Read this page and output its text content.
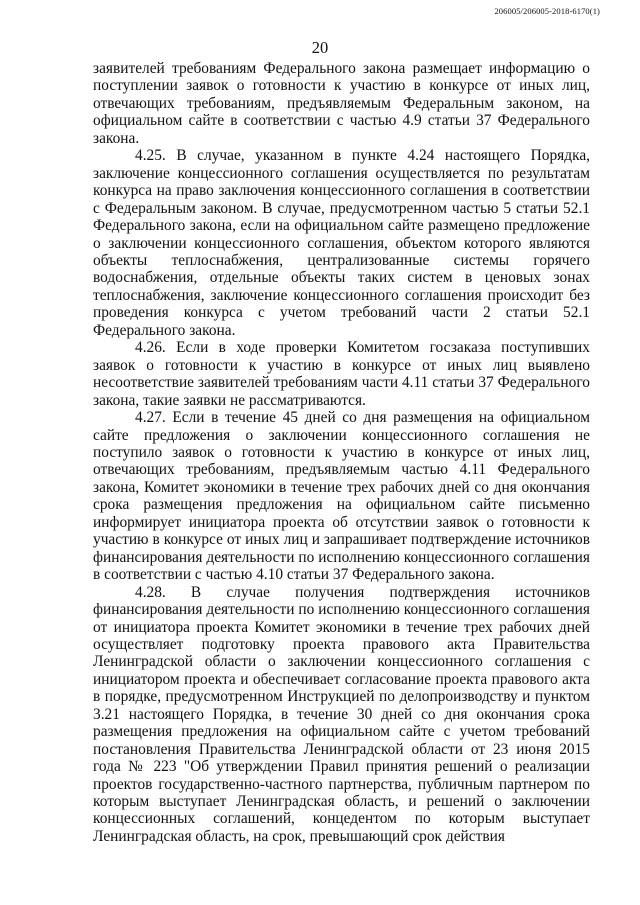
206005/206005-2018-6170(1)
20

заявителей требованиям Федерального закона размещает информацию о поступлении заявок о готовности к участию в конкурсе от иных лиц, отвечающих требованиям, предъявляемым Федеральным законом, на официальном сайте в соответствии с частью 4.9 статьи 37 Федерального закона.

4.25. В случае, указанном в пункте 4.24 настоящего Порядка, заключение концессионного соглашения осуществляется по результатам конкурса на право заключения концессионного соглашения в соответствии с Федеральным законом. В случае, предусмотренном частью 5 статьи 52.1 Федерального закона, если на официальном сайте размещено предложение о заключении концессионного соглашения, объектом которого являются объекты теплоснабжения, централизованные системы горячего водоснабжения, отдельные объекты таких систем в ценовых зонах теплоснабжения, заключение концессионного соглашения происходит без проведения конкурса с учетом требований части 2 статьи 52.1 Федерального закона.

4.26. Если в ходе проверки Комитетом госзаказа поступивших заявок о готовности к участию в конкурсе от иных лиц выявлено несоответствие заявителей требованиям части 4.11 статьи 37 Федерального закона, такие заявки не рассматриваются.

4.27. Если в течение 45 дней со дня размещения на официальном сайте предложения о заключении концессионного соглашения не поступило заявок о готовности к участию в конкурсе от иных лиц, отвечающих требованиям, предъявляемым частью 4.11 Федерального закона, Комитет экономики в течение трех рабочих дней со дня окончания срока размещения предложения на официальном сайте письменно информирует инициатора проекта об отсутствии заявок о готовности к участию в конкурсе от иных лиц и запрашивает подтверждение источников финансирования деятельности по исполнению концессионного соглашения в соответствии с частью 4.10 статьи 37 Федерального закона.

4.28. В случае получения подтверждения источников финансирования деятельности по исполнению концессионного соглашения от инициатора проекта Комитет экономики в течение трех рабочих дней осуществляет подготовку проекта правового акта Правительства Ленинградской области о заключении концессионного соглашения с инициатором проекта и обеспечивает согласование проекта правового акта в порядке, предусмотренном Инструкцией по делопроизводству и пунктом 3.21 настоящего Порядка, в течение 30 дней со дня окончания срока размещения предложения на официальном сайте с учетом требований постановления Правительства Ленинградской области от 23 июня 2015 года № 223 "Об утверждении Правил принятия решений о реализации проектов государственно-частного партнерства, публичным партнером по которым выступает Ленинградская область, и решений о заключении концессионных соглашений, концедентом по которым выступает Ленинградская область, на срок, превышающий срок действия
